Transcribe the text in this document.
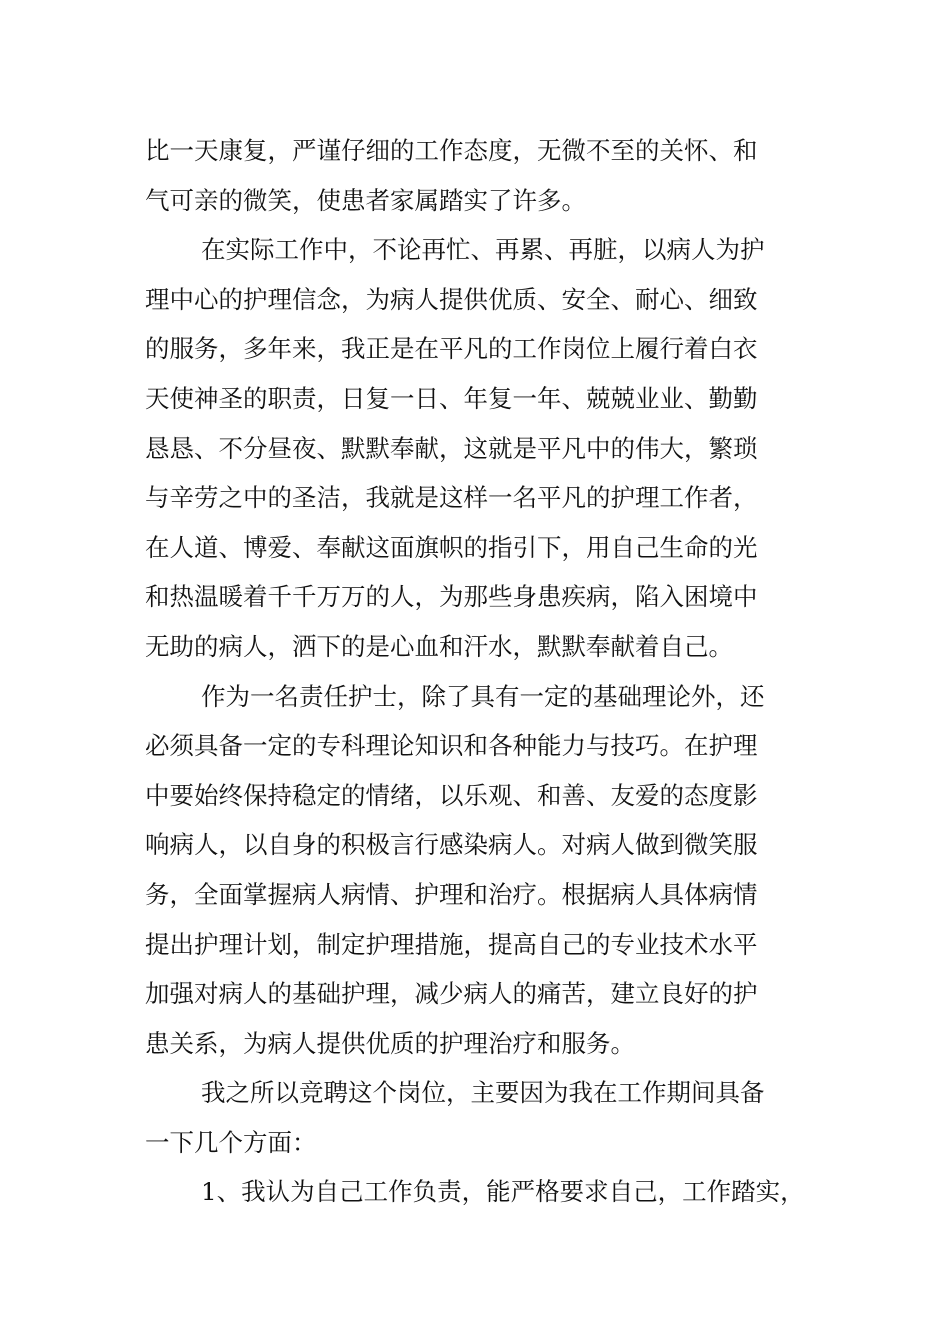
比一天康复，严谨仔细的工作态度，无微不至的关怀、和
气可亲的微笑，使患者家属踏实了许多。
在实际工作中，不论再忙、再累、再脏，以病人为护
理中心的护理信念，为病人提供优质、安全、耐心、细致
的服务，多年来，我正是在平凡的工作岗位上履行着白衣
天使神圣的职责，日复一日、年复一年、兢兢业业、勤勤
恳恳、不分昼夜、默默奉献，这就是平凡中的伟大，繁琐
与辛劳之中的圣洁，我就是这样一名平凡的护理工作者，
在人道、博爱、奉献这面旗帜的指引下，用自己生命的光
和热温暖着千千万万的人，为那些身患疾病，陷入困境中
无助的病人，洒下的是心血和汗水，默默奉献着自己。
作为一名责任护士，除了具有一定的基础理论外，还
必须具备一定的专科理论知识和各种能力与技巧。在护理
中要始终保持稳定的情绪，以乐观、和善、友爱的态度影
响病人，以自身的积极言行感染病人。对病人做到微笑服
务，全面掌握病人病情、护理和治疗。根据病人具体病情
提出护理计划，制定护理措施，提高自己的专业技术水平
加强对病人的基础护理，减少病人的痛苦，建立良好的护
患关系，为病人提供优质的护理治疗和服务。
我之所以竞聘这个岗位，主要因为我在工作期间具备
一下几个方面：
1、我认为自己工作负责，能严格要求自己，工作踏实，
